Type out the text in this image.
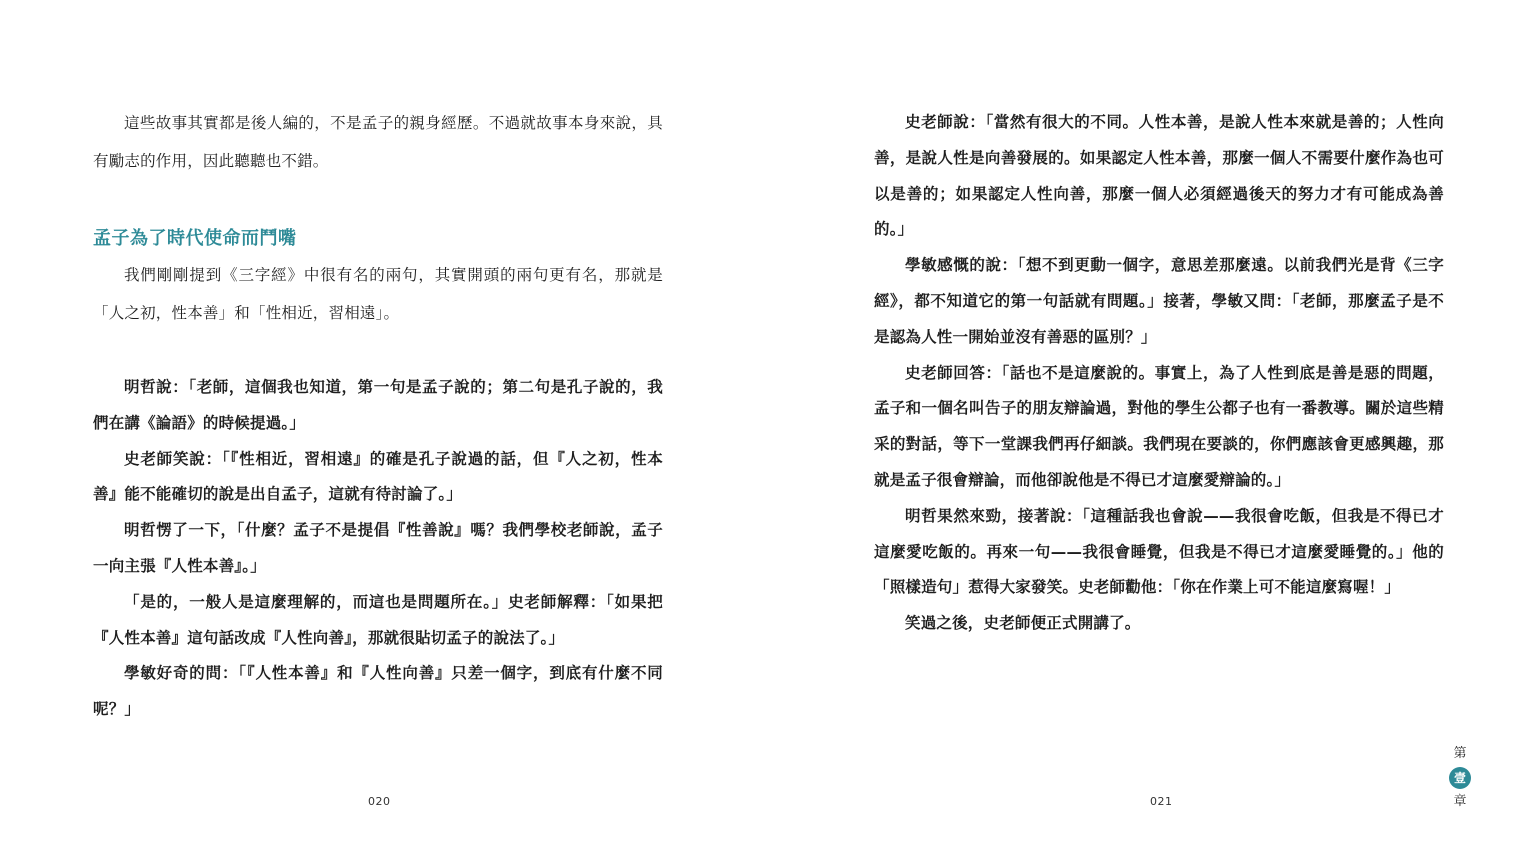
這些故事其實都是後人編的，不是孟子的親身經歷。不過就故事本身來說，具有勵志的作用，因此聽聽也不錯。

孟子為了時代使命而鬥嘴

我們剛剛提到《三字經》中很有名的兩句，其實開頭的兩句更有名，那就是「人之初，性本善」和「性相近，習相遠」。

明哲說：「老師，這個我也知道，第一句是孟子說的；第二句是孔子說的，我們在講《論語》的時候提過。」

史老師笑說：「『性相近，習相遠』的確是孔子說過的話，但『人之初，性本善』能不能確切的說是出自孟子，這就有待討論了。」

明哲愣了一下，「什麼？孟子不是提倡『性善說』嗎？我們學校老師說，孟子一向主張『人性本善』。」

「是的，一般人是這麼理解的，而這也是問題所在。」史老師解釋：「如果把『人性本善』這句話改成『人性向善』，那就很貼切孟子的說法了。」

學敏好奇的問：「『人性本善』和『人性向善』只差一個字，到底有什麼不同呢？」

020

史老師說：「當然有很大的不同。人性本善，是說人性本來就是善的；人性向善，是說人性是向善發展的。如果認定人性本善，那麼一個人不需要什麼作為也可以是善的；如果認定人性向善，那麼一個人必須經過後天的努力才有可能成為善的。」

學敏感慨的說：「想不到更動一個字，意思差那麼遠。以前我們光是背《三字經》，都不知道它的第一句話就有問題。」接著，學敏又問：「老師，那麼孟子是不是認為人性一開始並沒有善惡的區別？」

史老師回答：「話也不是這麼說的。事實上，為了人性到底是善是惡的問題，孟子和一個名叫告子的朋友辯論過，對他的學生公都子也有一番教導。關於這些精采的對話，等下一堂課我們再仔細談。我們現在要談的，你們應該會更感興趣，那就是孟子很會辯論，而他卻說他是不得已才這麼愛辯論的。」

明哲果然來勁，接著說：「這種話我也會說——我很會吃飯，但我是不得已才這麼愛吃飯的。再來一句——我很會睡覺，但我是不得已才這麼愛睡覺的。」他的「照樣造句」惹得大家發笑。史老師勸他：「你在作業上可不能這麼寫喔！」

笑過之後，史老師便正式開講了。

021
第
壹
章
